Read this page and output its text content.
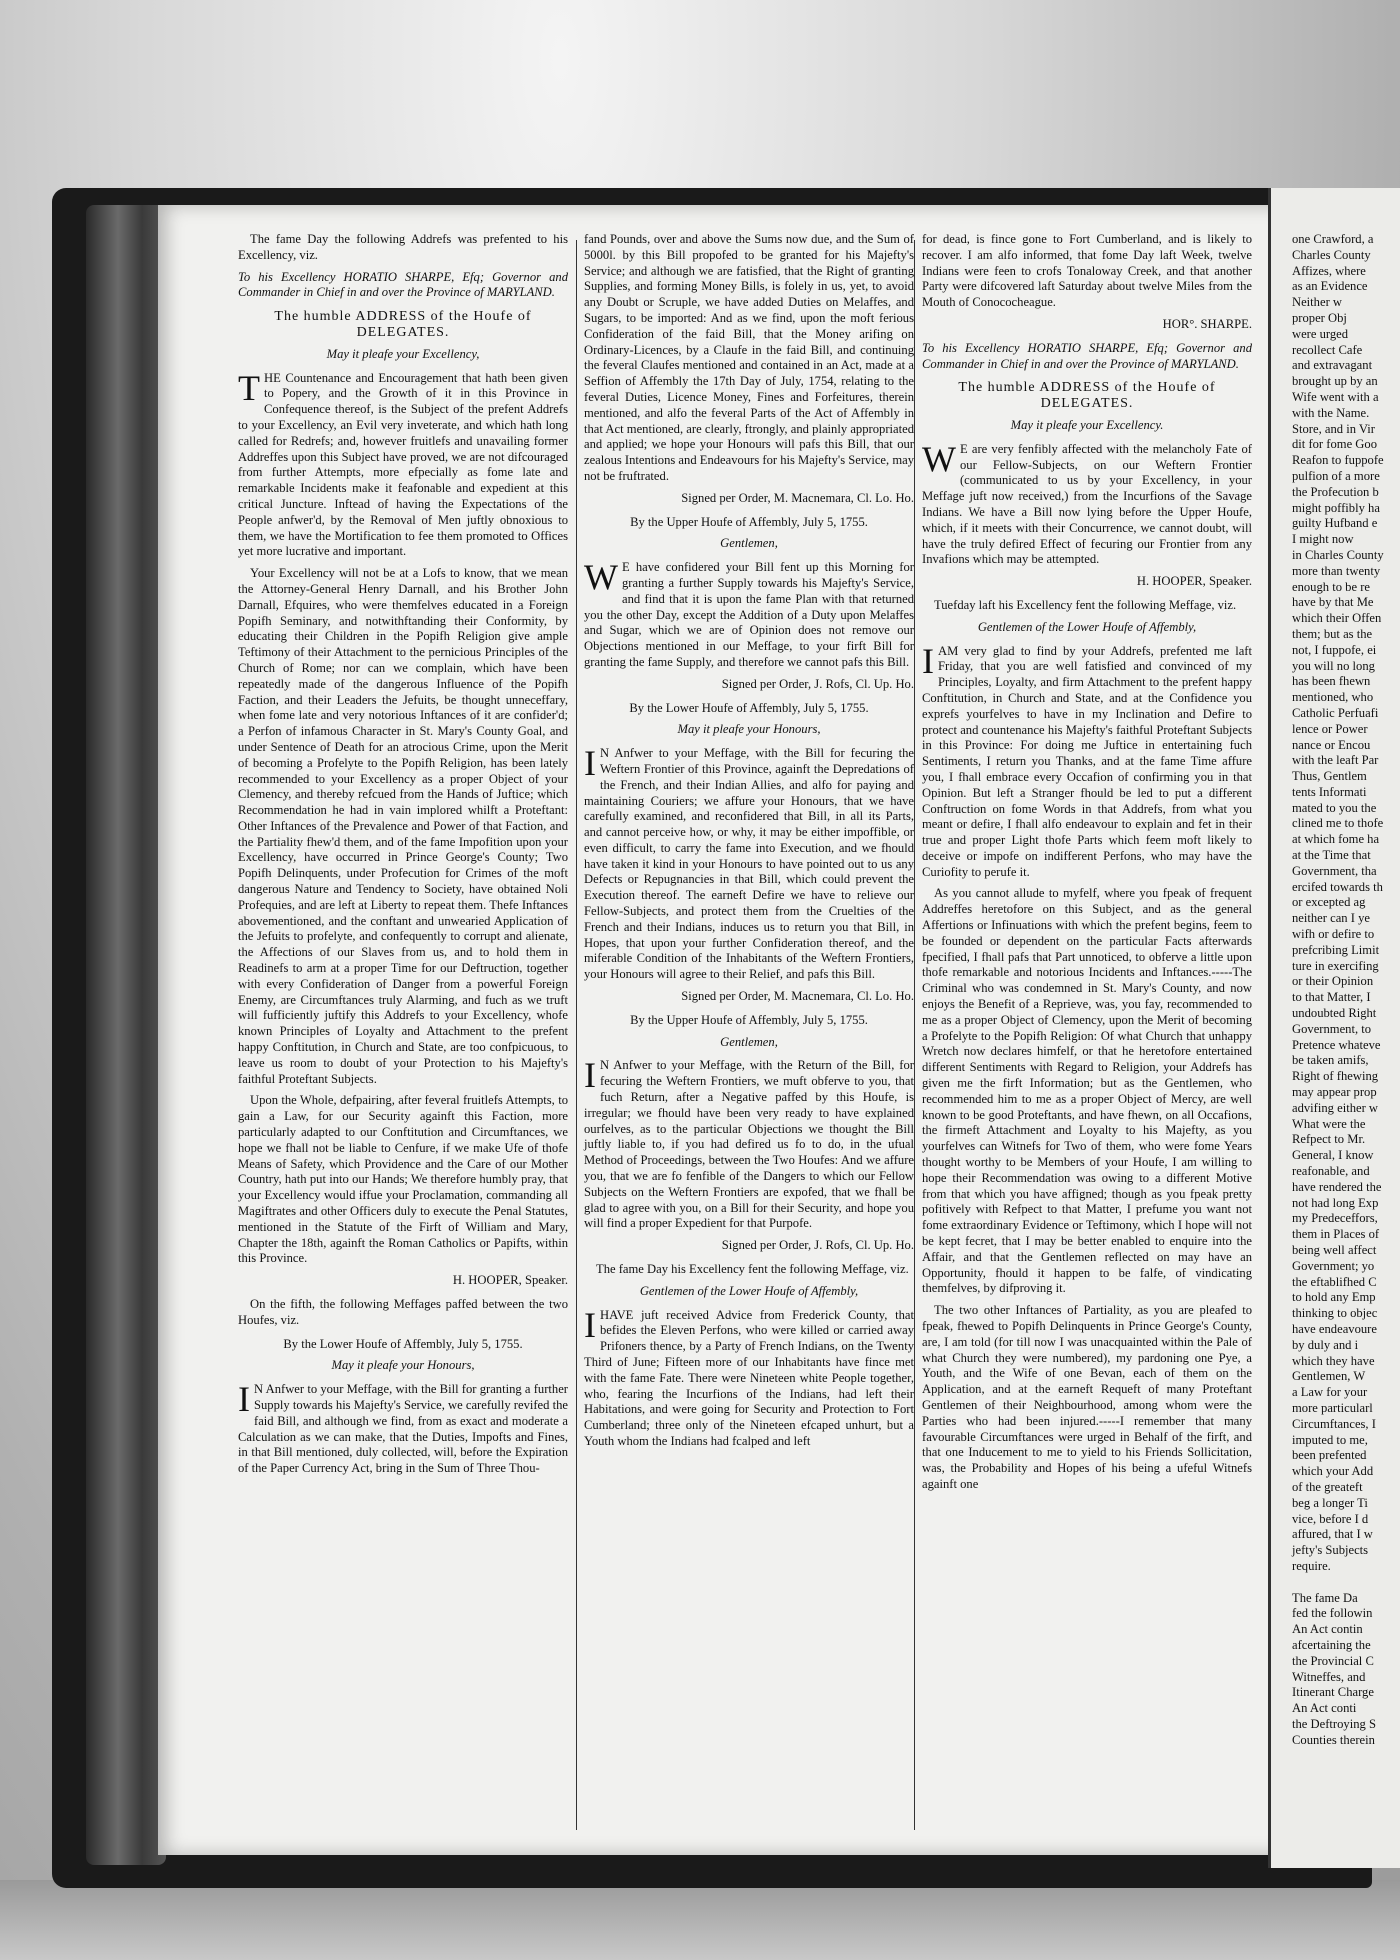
The fame Day the following Addrefs was prefented to his Excellency, viz.

To his Excellency HORATIO SHARPE, Efq; Governor and Commander in Chief in and over the Province of MARYLAND.

The humble ADDRESS of the Houfe of DELEGATES.
May it pleafe your Excellency,

THE Countenance and Encouragement that hath been given to Popery, and the Growth of it in this Province in Confequence thereof, is the Subject of the prefent Addrefs to your Excellency, an Evil very inveterate, and which hath long called for Redrefs; and, however fruitlefs and unavailing former Addreffes upon this Subject have proved, we are not difcouraged from further Attempts, more efpecially as fome late and remarkable Incidents make it feafonable and expedient at this critical Juncture. Inftead of having the Expectations of the People anfwer'd, by the Removal of Men juftly obnoxious to them, we have the Mortification to fee them promoted to Offices yet more lucrative and important.

Your Excellency will not be at a Lofs to know, that we mean the Attorney-General Henry Darnall, and his Brother John Darnall, Efquires, who were themfelves educated in a Foreign Popifh Seminary, and notwithftanding their Conformity, by educating their Children in the Popifh Religion give ample Teftimony of their Attachment to the pernicious Principles of the Church of Rome; nor can we complain, which have been repeatedly made of the dangerous Influence of the Popifh Faction, and their Leaders the Jefuits, be thought unneceffary, when fome late and very notorious Inftances of it are confider'd; a Perfon of infamous Character in St. Mary's County Goal, and under Sentence of Death for an atrocious Crime, upon the Merit of becoming a Profelyte to the Popifh Religion, has been lately recommended to your Excellency as a proper Object of your Clemency, and thereby refcued from the Hands of Juftice; which Recommendation he had in vain implored whilft a Proteftant: Other Inftances of the Prevalence and Power of that Faction, and the Partiality fhew'd them, and of the fame Impofition upon your Excellency, have occurred in Prince George's County; Two Popifh Delinquents, under Profecution for Crimes of the moft dangerous Nature and Tendency to Society, have obtained Noli Profequies, and are left at Liberty to repeat them. Thefe Inftances abovementioned, and the conftant and unwearied Application of the Jefuits to profelyte, and confequently to corrupt and alienate, the Affections of our Slaves from us, and to hold them in Readinefs to arm at a proper Time for our Deftruction, together with every Confideration of Danger from a powerful Foreign Enemy, are Circumftances truly Alarming, and fuch as we truft will fufficiently juftify this Addrefs to your Excellency, whofe known Principles of Loyalty and Attachment to the prefent happy Conftitution, in Church and State, are too confpicuous, to leave us room to doubt of your Protection to his Majefty's faithful Proteftant Subjects.

Upon the Whole, defpairing, after feveral fruitlefs Attempts, to gain a Law, for our Security againft this Faction, more particularly adapted to our Conftitution and Circumftances, we hope we fhall not be liable to Cenfure, if we make Ufe of thofe Means of Safety, which Providence and the Care of our Mother Country, hath put into our Hands; We therefore humbly pray, that your Excellency would iffue your Proclamation, commanding all Magiftrates and other Officers duly to execute the Penal Statutes, mentioned in the Statute of the Firft of William and Mary, Chapter the 18th, againft the Roman Catholics or Papifts, within this Province.

H. HOOPER, Speaker.

On the fifth, the following Meffages paffed between the two Houfes, viz.

By the Lower Houfe of Affembly, July 5, 1755.
May it pleafe your Honours,

I N Anfwer to your Meffage, with the Bill for granting a further Supply towards his Majefty's Service, we carefully revifed the faid Bill, and although we find, from as exact and moderate a Calculation as we can make, that the Duties, Impofts and Fines, in that Bill mentioned, duly collected, will, before the Expiration of the Paper Currency Act, bring in the Sum of Three Thou-

fand Pounds, over and above the Sums now due, and the Sum of 5000l. by this Bill propofed to be granted for his Majefty's Service; and although we are fatisfied, that the Right of granting Supplies, and forming Money Bills, is folely in us, yet, to avoid any Doubt or Scruple, we have added Duties on Melaffes, and Sugars, to be imported: And as we find, upon the moft ferious Confideration of the faid Bill, that the Money arifing on Ordinary-Licences, by a Claufe in the faid Bill, and continuing the feveral Claufes mentioned and contained in an Act, made at a Seffion of Affembly the 17th Day of July, 1754, relating to the feveral Duties, Licence Money, Fines and Forfeitures, therein mentioned, and alfo the feveral Parts of the Act of Affembly in that Act mentioned, are clearly, ftrongly, and plainly appropriated and applied; we hope your Honours will pafs this Bill, that our zealous Intentions and Endeavours for his Majefty's Service, may not be fruftrated.

Signed per Order, M. Macnemara, Cl. Lo. Ho.
By the Upper Houfe of Affembly, July 5, 1755.
Gentlemen,

W E have confidered your Bill fent up this Morning for granting a further Supply towards his Majefty's Service, and find that it is upon the fame Plan with that returned you the other Day, except the Addition of a Duty upon Melaffes and Sugar, which we are of Opinion does not remove our Objections mentioned in our Meffage, to your firft Bill for granting the fame Supply, and therefore we cannot pafs this Bill.

Signed per Order, J. Rofs, Cl. Up. Ho.
By the Lower Houfe of Affembly, July 5, 1755.
May it pleafe your Honours,

I N Anfwer to your Meffage, with the Bill for fecuring the Weftern Frontier of this Province, againft the Depredations of the French, and their Indian Allies, and alfo for paying and maintaining Couriers; we affure your Honours, that we have carefully examined, and reconfidered that Bill, in all its Parts, and cannot perceive how, or why, it may be either impoffible, or even difficult, to carry the fame into Execution, and we fhould have taken it kind in your Honours to have pointed out to us any Defects or Repugnancies in that Bill, which could prevent the Execution thereof. The earneft Defire we have to relieve our Fellow-Subjects, and protect them from the Cruelties of the French and their Indians, induces us to return you that Bill, in Hopes, that upon your further Confideration thereof, and the miferable Condition of the Inhabitants of the Weftern Frontiers, your Honours will agree to their Relief, and pafs this Bill.

Signed per Order, M. Macnemara, Cl. Lo. Ho.
By the Upper Houfe of Affembly, July 5, 1755.
Gentlemen,

I N Anfwer to your Meffage, with the Return of the Bill, for fecuring the Weftern Frontiers, we muft obferve to you, that fuch Return, after a Negative paffed by this Houfe, is irregular; we fhould have been very ready to have explained ourfelves, as to the particular Objections we thought the Bill juftly liable to, if you had defired us fo to do, in the ufual Method of Proceedings, between the Two Houfes: And we affure you, that we are fo fenfible of the Dangers to which our Fellow Subjects on the Weftern Frontiers are expofed, that we fhall be glad to agree with you, on a Bill for their Security, and hope you will find a proper Expedient for that Purpofe.

Signed per Order, J. Rofs, Cl. Up. Ho.

The fame Day his Excellency fent the following Meffage, viz.

Gentlemen of the Lower Houfe of Affembly,

IHAVE juft received Advice from Frederick County, that befides the Eleven Perfons, who were killed or carried away Prifoners thence, by a Party of French Indians, on the Twenty Third of June; Fifteen more of our Inhabitants have fince met with the fame Fate. There were Nineteen white People together, who, fearing the Incurfions of the Indians, had left their Habitations, and were going for Security and Protection to Fort Cumberland; three only of the Nineteen efcaped unhurt, but a Youth whom the Indians had fcalped and left

for dead, is fince gone to Fort Cumberland, and is likely to recover. I am alfo informed, that fome Day laft Week, twelve Indians were feen to crofs Tonaloway Creek, and that another Party were difcovered laft Saturday about twelve Miles from the Mouth of Conococheague.

HOR°. SHARPE.

To his Excellency HORATIO SHARPE, Efq; Governor and Commander in Chief in and over the Province of MARYLAND.

The humble ADDRESS of the Houfe of DELEGATES.
May it pleafe your Excellency.

W E are very fenfibly affected with the melancholy Fate of our Fellow-Subjects, on our Weftern Frontier (communicated to us by your Excellency, in your Meffage juft now received,) from the Incurfions of the Savage Indians. We have a Bill now lying before the Upper Houfe, which, if it meets with their Concurrence, we cannot doubt, will have the truly defired Effect of fecuring our Frontier from any Invafions which may be attempted.

H. HOOPER, Speaker.

Tuefday laft his Excellency fent the following Meffage, viz.

Gentlemen of the Lower Houfe of Affembly,

IAM very glad to find by your Addrefs, prefented me laft Friday, that you are well fatisfied and convinced of my Principles, Loyalty, and firm Attachment to the prefent happy Conftitution, in Church and State, and at the Confidence you exprefs yourfelves to have in my Inclination and Defire to protect and countenance his Majefty's faithful Proteftant Subjects in this Province: For doing me Juftice in entertaining fuch Sentiments, I return you Thanks, and at the fame Time affure you, I fhall embrace every Occafion of confirming you in that Opinion. But left a Stranger fhould be led to put a different Conftruction on fome Words in that Addrefs, from what you meant or defire, I fhall alfo endeavour to explain and fet in their true and proper Light thofe Parts which feem moft likely to deceive or impofe on indifferent Perfons, who may have the Curiofity to perufe it.

As you cannot allude to myfelf, where you fpeak of frequent Addreffes heretofore on this Subject, and as the general Affertions or Infinuations with which the prefent begins, feem to be founded or dependent on the particular Facts afterwards fpecified, I fhall pafs that Part unnoticed, to obferve a little upon thofe remarkable and notorious Incidents and Inftances.-----The Criminal who was condemned in St. Mary's County, and now enjoys the Benefit of a Reprieve, was, you fay, recommended to me as a proper Object of Clemency, upon the Merit of becoming a Profelyte to the Popifh Religion: Of what Church that unhappy Wretch now declares himfelf, or that he heretofore entertained different Sentiments with Regard to Religion, your Addrefs has given me the firft Information; but as the Gentlemen, who recommended him to me as a proper Object of Mercy, are well known to be good Proteftants, and have fhewn, on all Occafions, the firmeft Attachment and Loyalty to his Majefty, as you yourfelves can Witnefs for Two of them, who were fome Years thought worthy to be Members of your Houfe, I am willing to hope their Recommendation was owing to a different Motive from that which you have affigned; though as you fpeak pretty pofitively with Refpect to that Matter, I prefume you want not fome extraordinary Evidence or Teftimony, which I hope will not be kept fecret, that I may be better enabled to enquire into the Affair, and that the Gentlemen reflected on may have an Opportunity, fhould it happen to be falfe, of vindicating themfelves, by difproving it.

The two other Inftances of Partiality, as you are pleafed to fpeak, fhewed to Popifh Delinquents in Prince George's County, are, I am told (for till now I was unacquainted within the Pale of what Church they were numbered), my pardoning one Pye, a Youth, and the Wife of one Bevan, each of them on the Application, and at the earneft Requeft of many Proteftant Gentlemen of their Neighbourhood, among whom were the Parties who had been injured.-----I remember that many favourable Circumftances were urged in Behalf of the firft, and that one Inducement to me to yield to his Friends Sollicitation, was, the Probability and Hopes of his being a ufeful Witnefs againft one

one Crawford, a
Charles County
Affizes, where
as an Evidence
Neither w
proper Obj
were urged
recollect Cafe
and extravagant
brought up by an
Wife went with a
with the Name.
Store, and in Vir
dit for fome Goo
Reafon to fuppofe
pulfion of a more
the Profecution b
might poffibly ha
guilty Hufband e
I might now
in Charles County
more than twenty
enough to be re
have by that Me
which their Offen
them; but as the
not, I fuppofe, ei
you will no long
has been fhewn
mentioned, who
Catholic Perfuafi
lence or Power
nance or Encou
with the leaft Par
Thus, Gentlem
tents Informati
mated to you the
clined me to thofe
at which fome ha
at the Time that
Government, tha
ercifed towards th
or excepted ag
neither can I ye
wifh or defire to
prefcribing Limit
ture in exercifing
or their Opinion
to that Matter, I
undoubted Right
Government, to
Pretence whateve
be taken amifs,
Right of fhewing
may appear prop
advifing either w
What were the
Refpect to Mr.
General, I know
reafonable, and
have rendered the
not had long Exp
my Predeceffors,
them in Places of
being well affect
Government; yo
the eftablifhed C
to hold any Emp
thinking to objec
have endeavoure
by duly and i
which they have
Gentlemen, W
a Law for your
more particularl
Circumftances, I
imputed to me,
been prefented
which your Add
of the greateft
beg a longer Ti
vice, before I d
affured, that I w
jefty's Subjects
require.

The fame Da
fed the followin
An Act contin
afcertaining the
the Provincial C
Witneffes, and
Itinerant Charge
An Act conti
the Deftroying S
Counties therein
